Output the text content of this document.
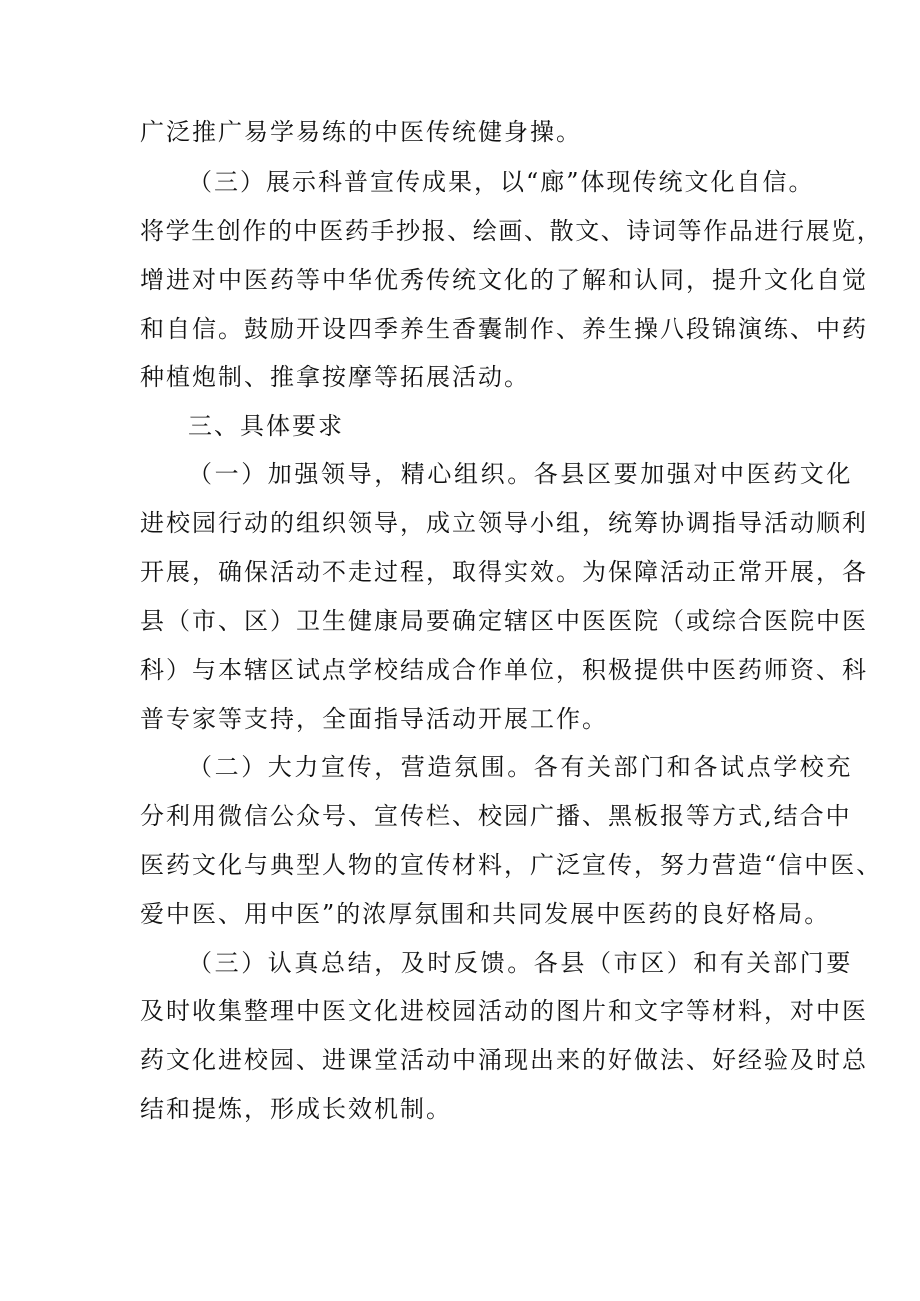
广泛推广易学易练的中医传统健身操。
（三）展示科普宣传成果，以“廊”体现传统文化自信。
将学生创作的中医药手抄报、绘画、散文、诗词等作品进行展览，
增进对中医药等中华优秀传统文化的了解和认同，提升文化自觉
和自信。鼓励开设四季养生香囊制作、养生操八段锦演练、中药
种植炮制、推拿按摩等拓展活动。
三、具体要求
（一）加强领导，精心组织。各县区要加强对中医药文化
进校园行动的组织领导，成立领导小组，统筹协调指导活动顺利
开展，确保活动不走过程，取得实效。为保障活动正常开展，各
县（市、区）卫生健康局要确定辖区中医医院（或综合医院中医
科）与本辖区试点学校结成合作单位，积极提供中医药师资、科
普专家等支持，全面指导活动开展工作。
（二）大力宣传，营造氛围。各有关部门和各试点学校充
分利用微信公众号、宣传栏、校园广播、黑板报等方式,结合中
医药文化与典型人物的宣传材料，广泛宣传，努力营造“信中医、
爱中医、用中医”的浓厚氛围和共同发展中医药的良好格局。
（三）认真总结，及时反馈。各县（市区）和有关部门要
及时收集整理中医文化进校园活动的图片和文字等材料，对中医
药文化进校园、进课堂活动中涌现出来的好做法、好经验及时总
结和提炼，形成长效机制。
